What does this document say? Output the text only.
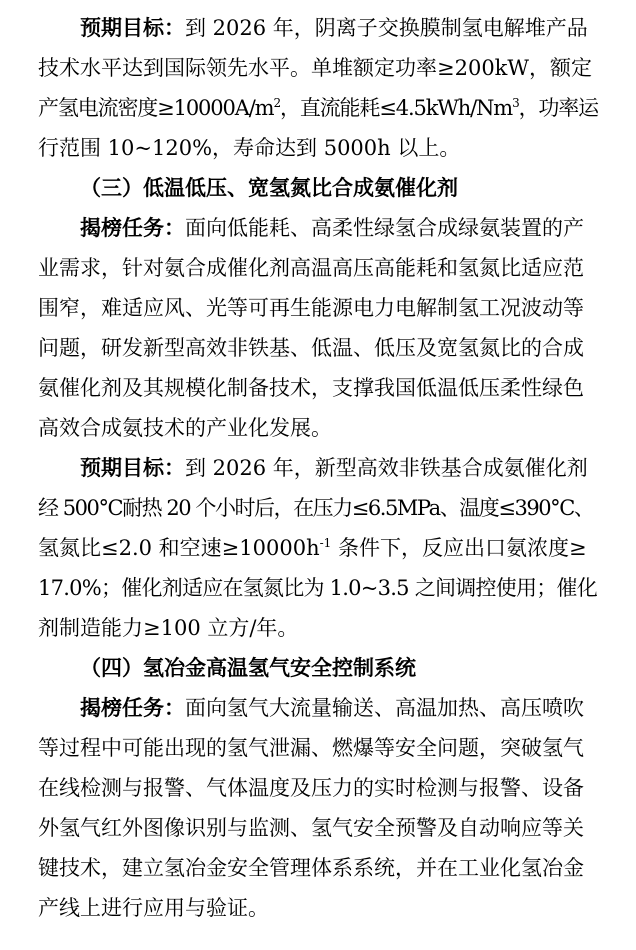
预期目标：到 2026 年，阴离子交换膜制氢电解堆产品
技术水平达到国际领先水平。单堆额定功率≥200kW，额定
产氢电流密度$\ge 10000A/m^2$，直流能耗$\le 4.5kWh/Nm^3$，功率运
行范围 10~120%，寿命达到 5000h 以上。
（三）低温低压、宽氢氮比合成氨催化剂
揭榜任务：面向低能耗、高柔性绿氢合成绿氨装置的产
业需求，针对氨合成催化剂高温高压高能耗和氢氮比适应范
围窄，难适应风、光等可再生能源电力电解制氢工况波动等
问题，研发新型高效非铁基、低温、低压及宽氢氮比的合成
氨催化剂及其规模化制备技术，支撑我国低温低压柔性绿色
高效合成氨技术的产业化发展。
预期目标：到 2026 年，新型高效非铁基合成氨催化剂
经 500°C耐热 20 个小时后，在压力≤6.5MPa、温度≤390°C、
氢氮比≤2.0 和空速$\ge 10000h^{-1}$ 条件下，反应出口氨浓度≥
17.0%；催化剂适应在氢氮比为 1.0~3.5 之间调控使用；催化
剂制造能力≥100 立方/年。
（四）氢冶金高温氢气安全控制系统
揭榜任务：面向氢气大流量输送、高温加热、高压喷吹
等过程中可能出现的氢气泄漏、燃爆等安全问题，突破氢气
在线检测与报警、气体温度及压力的实时检测与报警、设备
外氢气红外图像识别与监测、氢气安全预警及自动响应等关
键技术，建立氢冶金安全管理体系系统，并在工业化氢冶金
产线上进行应用与验证。
